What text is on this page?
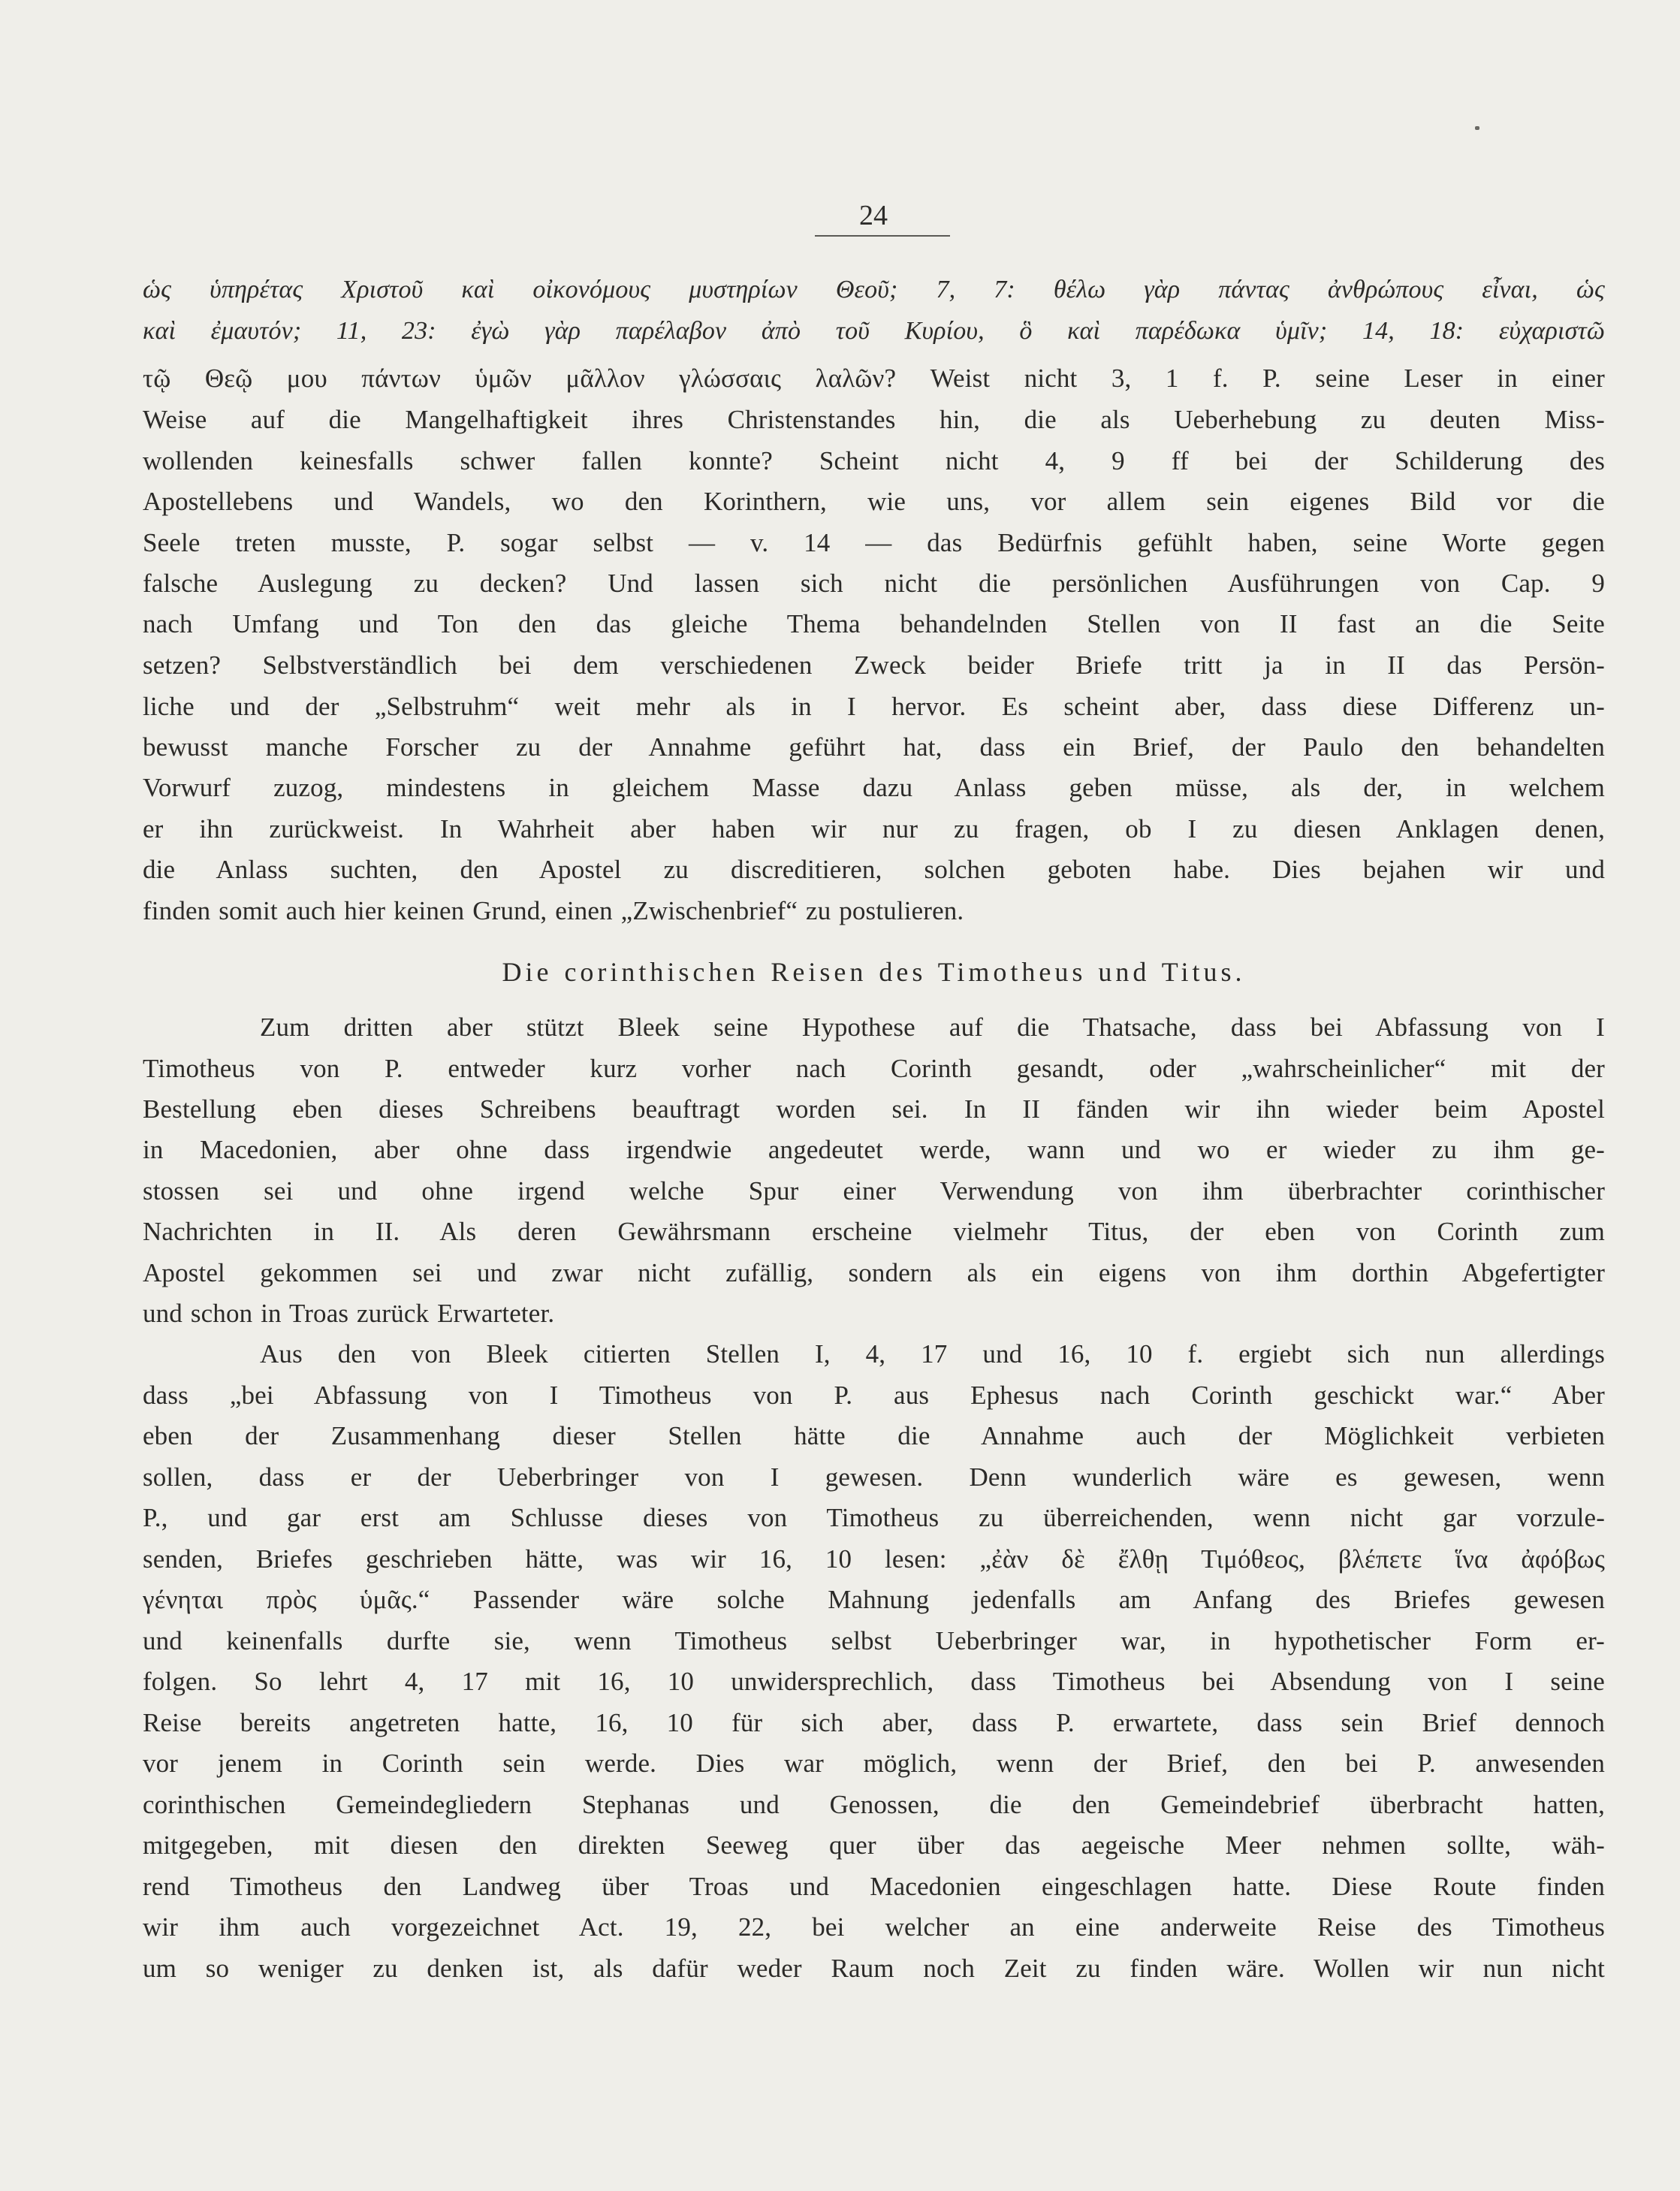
24
ὡς ὑπηρέτας Χριστοῦ καὶ οἰκονόμους μυστηρίων Θεοῦ; 7, 7: θέλω γὰρ πάντας ἀνθρώπους εἶναι, ὡς
καὶ ἐμαυτόν; 11, 23: ἐγὼ γὰρ παρέλαβον ἀπὸ τοῦ Κυρίου, ὃ καὶ παρέδωκα ὑμῖν; 14, 18: εὐχαριστῶ
τῷ Θεῷ μου πάντων ὑμῶν μᾶλλον γλώσσαις λαλῶν? Weist nicht 3, 1 f. P. seine Leser in einer
Weise auf die Mangelhaftigkeit ihres Christenstandes hin, die als Ueberhebung zu deuten Miss-
wollenden keinesfalls schwer fallen konnte? Scheint nicht 4, 9 ff bei der Schilderung des
Apostellebens und Wandels, wo den Korinthern, wie uns, vor allem sein eigenes Bild vor die
Seele treten musste, P. sogar selbst — v. 14 — das Bedürfnis gefühlt haben, seine Worte gegen
falsche Auslegung zu decken? Und lassen sich nicht die persönlichen Ausführungen von Cap. 9
nach Umfang und Ton den das gleiche Thema behandelnden Stellen von II fast an die Seite
setzen? Selbstverständlich bei dem verschiedenen Zweck beider Briefe tritt ja in II das Persön-
liche und der „Selbstruhm“ weit mehr als in I hervor. Es scheint aber, dass diese Differenz un-
bewusst manche Forscher zu der Annahme geführt hat, dass ein Brief, der Paulo den behandelten
Vorwurf zuzog, mindestens in gleichem Masse dazu Anlass geben müsse, als der, in welchem
er ihn zurückweist. In Wahrheit aber haben wir nur zu fragen, ob I zu diesen Anklagen denen,
die Anlass suchten, den Apostel zu discreditieren, solchen geboten habe. Dies bejahen wir und
finden somit auch hier keinen Grund, einen „Zwischenbrief“ zu postulieren.
Die corinthischen Reisen des Timotheus und Titus.
Zum dritten aber stützt Bleek seine Hypothese auf die Thatsache, dass bei Abfassung von I
Timotheus von P. entweder kurz vorher nach Corinth gesandt, oder „wahrscheinlicher“ mit der
Bestellung eben dieses Schreibens beauftragt worden sei. In II fänden wir ihn wieder beim Apostel
in Macedonien, aber ohne dass irgendwie angedeutet werde, wann und wo er wieder zu ihm ge-
stossen sei und ohne irgend welche Spur einer Verwendung von ihm überbrachter corinthischer
Nachrichten in II. Als deren Gewährsmann erscheine vielmehr Titus, der eben von Corinth zum
Apostel gekommen sei und zwar nicht zufällig, sondern als ein eigens von ihm dorthin Abgefertigter
und schon in Troas zurück Erwarteter.
Aus den von Bleek citierten Stellen I, 4, 17 und 16, 10 f. ergiebt sich nun allerdings
dass „bei Abfassung von I Timotheus von P. aus Ephesus nach Corinth geschickt war.“ Aber
eben der Zusammenhang dieser Stellen hätte die Annahme auch der Möglichkeit verbieten
sollen, dass er der Ueberbringer von I gewesen. Denn wunderlich wäre es gewesen, wenn
P., und gar erst am Schlusse dieses von Timotheus zu überreichenden, wenn nicht gar vorzule-
senden, Briefes geschrieben hätte, was wir 16, 10 lesen: „ἐὰν δὲ ἔλθῃ Τιμόθεος, βλέπετε ἵνα ἀφόβως
γένηται πρὸς ὑμᾶς.“ Passender wäre solche Mahnung jedenfalls am Anfang des Briefes gewesen
und keinenfalls durfte sie, wenn Timotheus selbst Ueberbringer war, in hypothetischer Form er-
folgen. So lehrt 4, 17 mit 16, 10 unwidersprechlich, dass Timotheus bei Absendung von I seine
Reise bereits angetreten hatte, 16, 10 für sich aber, dass P. erwartete, dass sein Brief dennoch
vor jenem in Corinth sein werde. Dies war möglich, wenn der Brief, den bei P. anwesenden
corinthischen Gemeindegliedern Stephanas und Genossen, die den Gemeindebrief überbracht hatten,
mitgegeben, mit diesen den direkten Seeweg quer über das aegeische Meer nehmen sollte, wäh-
rend Timotheus den Landweg über Troas und Macedonien eingeschlagen hatte. Diese Route finden
wir ihm auch vorgezeichnet Act. 19, 22, bei welcher an eine anderweite Reise des Timotheus
um so weniger zu denken ist, als dafür weder Raum noch Zeit zu finden wäre. Wollen wir nun nicht
